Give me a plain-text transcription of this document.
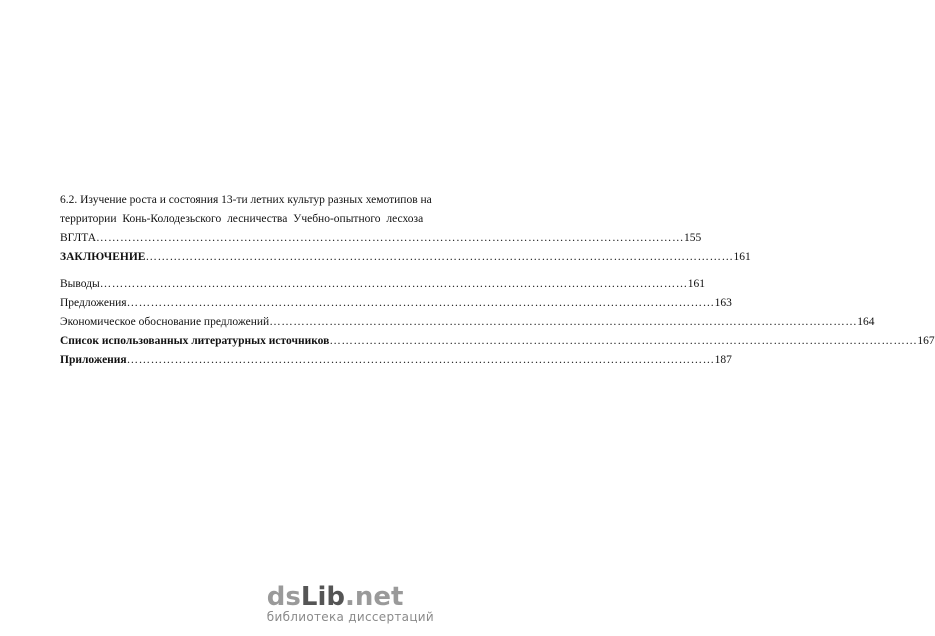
6.2. Изучение роста и состояния 13-ти летних культур разных хемотипов на
территории Конь-Колодезьского лесничества Учебно-опытного лесхоза
ВГЛТА ………………………………………………………………………………………………………………………………… 155
ЗАКЛЮЧЕНИЕ ………………………………………………………………………………………………………………………………… 161
Выводы ………………………………………………………………………………………………………………………………… 161
Предложения ………………………………………………………………………………………………………………………………… 163
Экономическое обоснование предложений ………………………………………………………………………………………………………………………………… 164
Список использованных литературных источников ………………………………………………………………………………………………………………………………… 167
Приложения ………………………………………………………………………………………………………………………………… 187
dsLib.net
библиотека диссертаций
